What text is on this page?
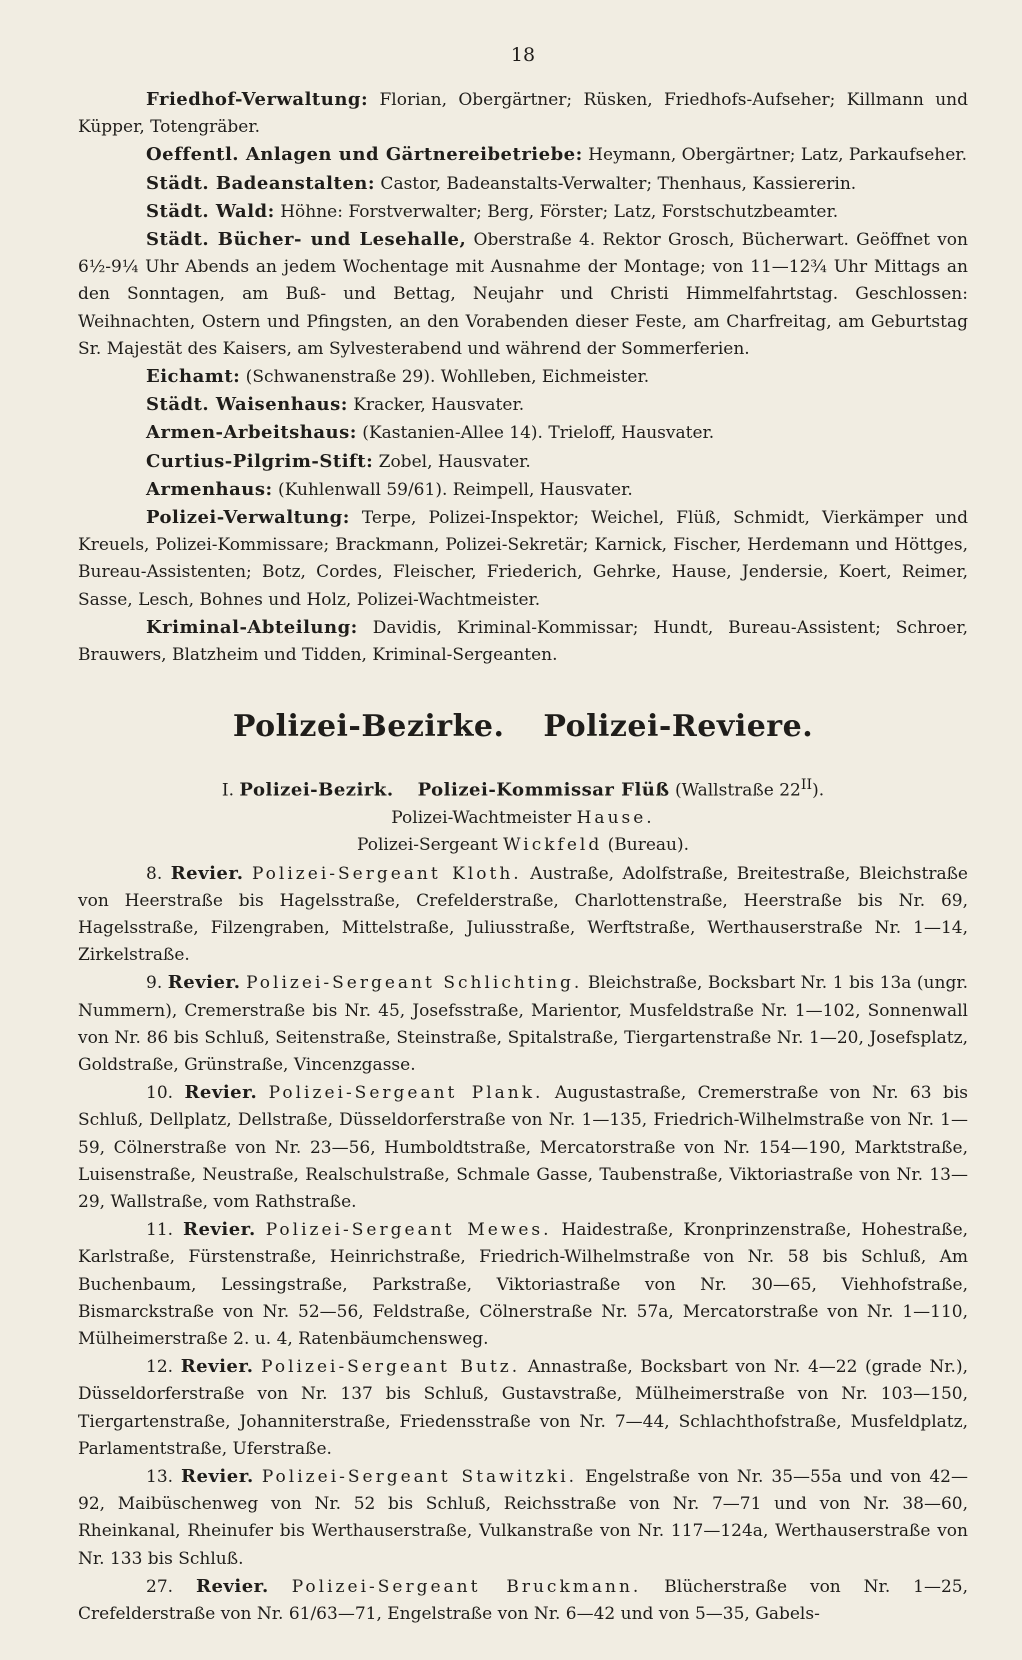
18

Friedhof-Verwaltung: Florian, Obergärtner; Rüsken, Friedhofs-Aufseher; Killmann und Küpper, Totengräber.

Oeffentl. Anlagen und Gärtnereibetriebe: Heymann, Obergärtner; Latz, Parkaufseher.

Städt. Badeanstalten: Castor, Badeanstalts-Verwalter; Thenhaus, Kassiererin.

Städt. Wald: Höhne: Forstverwalter; Berg, Förster; Latz, Forstschutzbeamter.

Städt. Bücher- und Lesehalle, Oberstraße 4. Rektor Grosch, Bücherwart. Geöffnet von 6½-9¼ Uhr Abends an jedem Wochentage mit Ausnahme der Montage; von 11—12¾ Uhr Mittags an den Sonntagen, am Buß- und Bettag, Neujahr und Christi Himmelfahrtstag. Geschlossen: Weihnachten, Ostern und Pfingsten, an den Vorabenden dieser Feste, am Charfreitag, am Geburtstag Sr. Majestät des Kaisers, am Sylvesterabend und während der Sommerferien.

Eichamt: (Schwanenstraße 29). Wohlleben, Eichmeister.

Städt. Waisenhaus: Kracker, Hausvater.

Armen-Arbeitshaus: (Kastanien-Allee 14). Trieloff, Hausvater.

Curtius-Pilgrim-Stift: Zobel, Hausvater.

Armenhaus: (Kuhlenwall 59/61). Reimpell, Hausvater.

Polizei-Verwaltung: Terpe, Polizei-Inspektor; Weichel, Flüß, Schmidt, Vierkämper und Kreuels, Polizei-Kommissare; Brackmann, Polizei-Sekretär; Karnick, Fischer, Herdemann und Höttges, Bureau-Assistenten; Botz, Cordes, Fleischer, Friederich, Gehrke, Hause, Jendersie, Koert, Reimer, Sasse, Lesch, Bohnes und Holz, Polizei-Wachtmeister.

Kriminal-Abteilung: Davidis, Kriminal-Kommissar; Hundt, Bureau-Assistent; Schroer, Brauwers, Blatzheim und Tidden, Kriminal-Sergeanten.

Polizei-Bezirke. Polizei-Reviere.

I. Polizei-Bezirk. Polizei-Kommissar Flüß (Wallstraße $22^{II}$).

Polizei-Wachtmeister Hause.

Polizei-Sergeant Wickfeld (Bureau).

8. Revier. Polizei-Sergeant Kloth. Austraße, Adolfstraße, Breitestraße, Bleichstraße von Heerstraße bis Hagelsstraße, Crefelderstraße, Charlottenstraße, Heerstraße bis Nr. 69, Hagelsstraße, Filzengraben, Mittelstraße, Juliusstraße, Werftstraße, Werthauserstraße Nr. 1—14, Zirkelstraße.

9. Revier. Polizei-Sergeant Schlichting. Bleichstraße, Bocksbart Nr. 1 bis 13a (ungr. Nummern), Cremerstraße bis Nr. 45, Josefsstraße, Marientor, Musfeldstraße Nr. 1—102, Sonnenwall von Nr. 86 bis Schluß, Seitenstraße, Steinstraße, Spitalstraße, Tiergartenstraße Nr. 1—20, Josefsplatz, Goldstraße, Grünstraße, Vincenzgasse.

10. Revier. Polizei-Sergeant Plank. Augustastraße, Cremerstraße von Nr. 63 bis Schluß, Dellplatz, Dellstraße, Düsseldorferstraße von Nr. 1—135, Friedrich-Wilhelmstraße von Nr. 1—59, Cölnerstraße von Nr. 23—56, Humboldtstraße, Mercatorstraße von Nr. 154—190, Marktstraße, Luisenstraße, Neustraße, Realschulstraße, Schmale Gasse, Taubenstraße, Viktoriastraße von Nr. 13—29, Wallstraße, vom Rathstraße.

11. Revier. Polizei-Sergeant Mewes. Haidestraße, Kronprinzenstraße, Hohestraße, Karlstraße, Fürstenstraße, Heinrichstraße, Friedrich-Wilhelmstraße von Nr. 58 bis Schluß, Am Buchenbaum, Lessingstraße, Parkstraße, Viktoriastraße von Nr. 30—65, Viehhofstraße, Bismarckstraße von Nr. 52—56, Feldstraße, Cölnerstraße Nr. 57a, Mercatorstraße von Nr. 1—110, Mülheimerstraße 2. u. 4, Ratenbäumchensweg.

12. Revier. Polizei-Sergeant Butz. Annastraße, Bocksbart von Nr. 4—22 (grade Nr.), Düsseldorferstraße von Nr. 137 bis Schluß, Gustavstraße, Mülheimerstraße von Nr. 103—150, Tiergartenstraße, Johanniterstraße, Friedensstraße von Nr. 7—44, Schlachthofstraße, Musfeldplatz, Parlamentstraße, Uferstraße.

13. Revier. Polizei-Sergeant Stawitzki. Engelstraße von Nr. 35—55a und von 42—92, Maibüschenweg von Nr. 52 bis Schluß, Reichsstraße von Nr. 7—71 und von Nr. 38—60, Rheinkanal, Rheinufer bis Werthauserstraße, Vulkanstraße von Nr. 117—124a, Werthauserstraße von Nr. 133 bis Schluß.

27. Revier. Polizei-Sergeant Bruckmann. Blücherstraße von Nr. 1—25, Crefelderstraße von Nr. 61/63—71, Engelstraße von Nr. 6—42 und von 5—35, Gabels-
